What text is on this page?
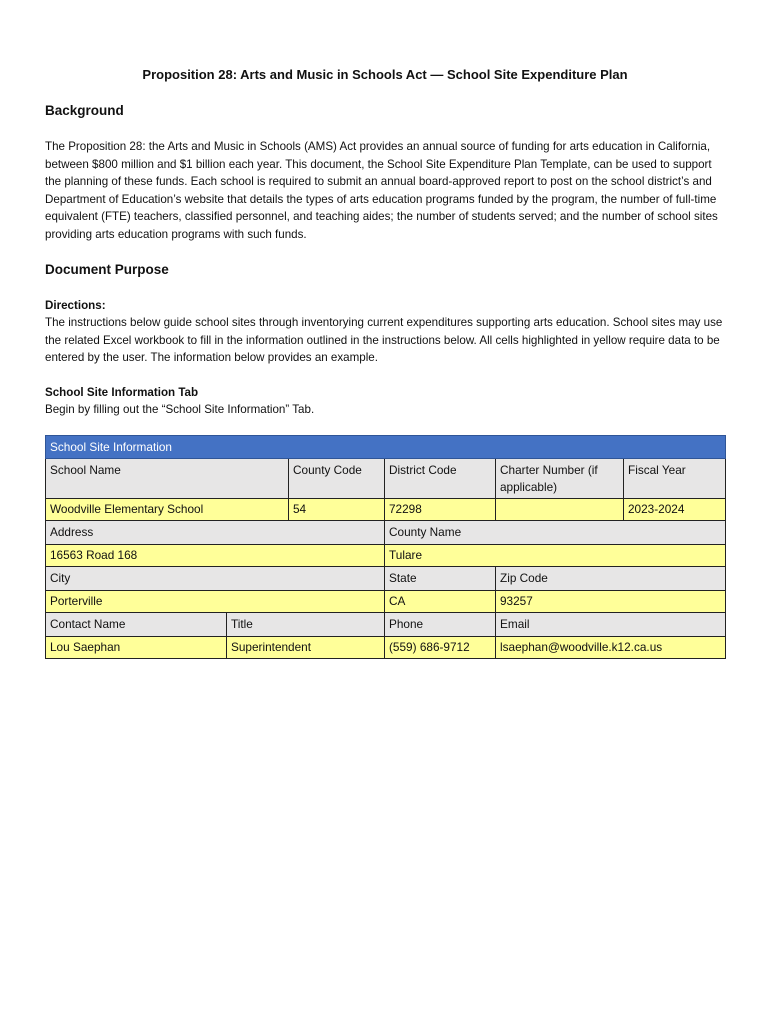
Proposition 28: Arts and Music in Schools Act — School Site Expenditure Plan
Background
The Proposition 28: the Arts and Music in Schools (AMS) Act provides an annual source of funding for arts education in California, between $800 million and $1 billion each year. This document, the School Site Expenditure Plan Template, can be used to support the planning of these funds. Each school is required to submit an annual board-approved report to post on the school district’s and Department of Education’s website that details the types of arts education programs funded by the program, the number of full-time equivalent (FTE) teachers, classified personnel, and teaching aides; the number of students served; and the number of school sites providing arts education programs with such funds.
Document Purpose
Directions:
The instructions below guide school sites through inventorying current expenditures supporting arts education. School sites may use the related Excel workbook to fill in the information outlined in the instructions below. All cells highlighted in yellow require data to be entered by the user. The information below provides an example.
School Site Information Tab
Begin by filling out the “School Site Information” Tab.
School Site Information					
School Name		County Code	District Code	Charter Number (if applicable)	Fiscal Year
Woodville Elementary School		54	72298		2023-2024
Address			County Name		
16563 Road 168			Tulare		
City			State	Zip Code	
Porterville			CA	93257	
Contact Name	Title		Phone	Email	
Lou Saephan	Superintendent		(559) 686-9712	lsaephan@woodville.k12.ca.us	
